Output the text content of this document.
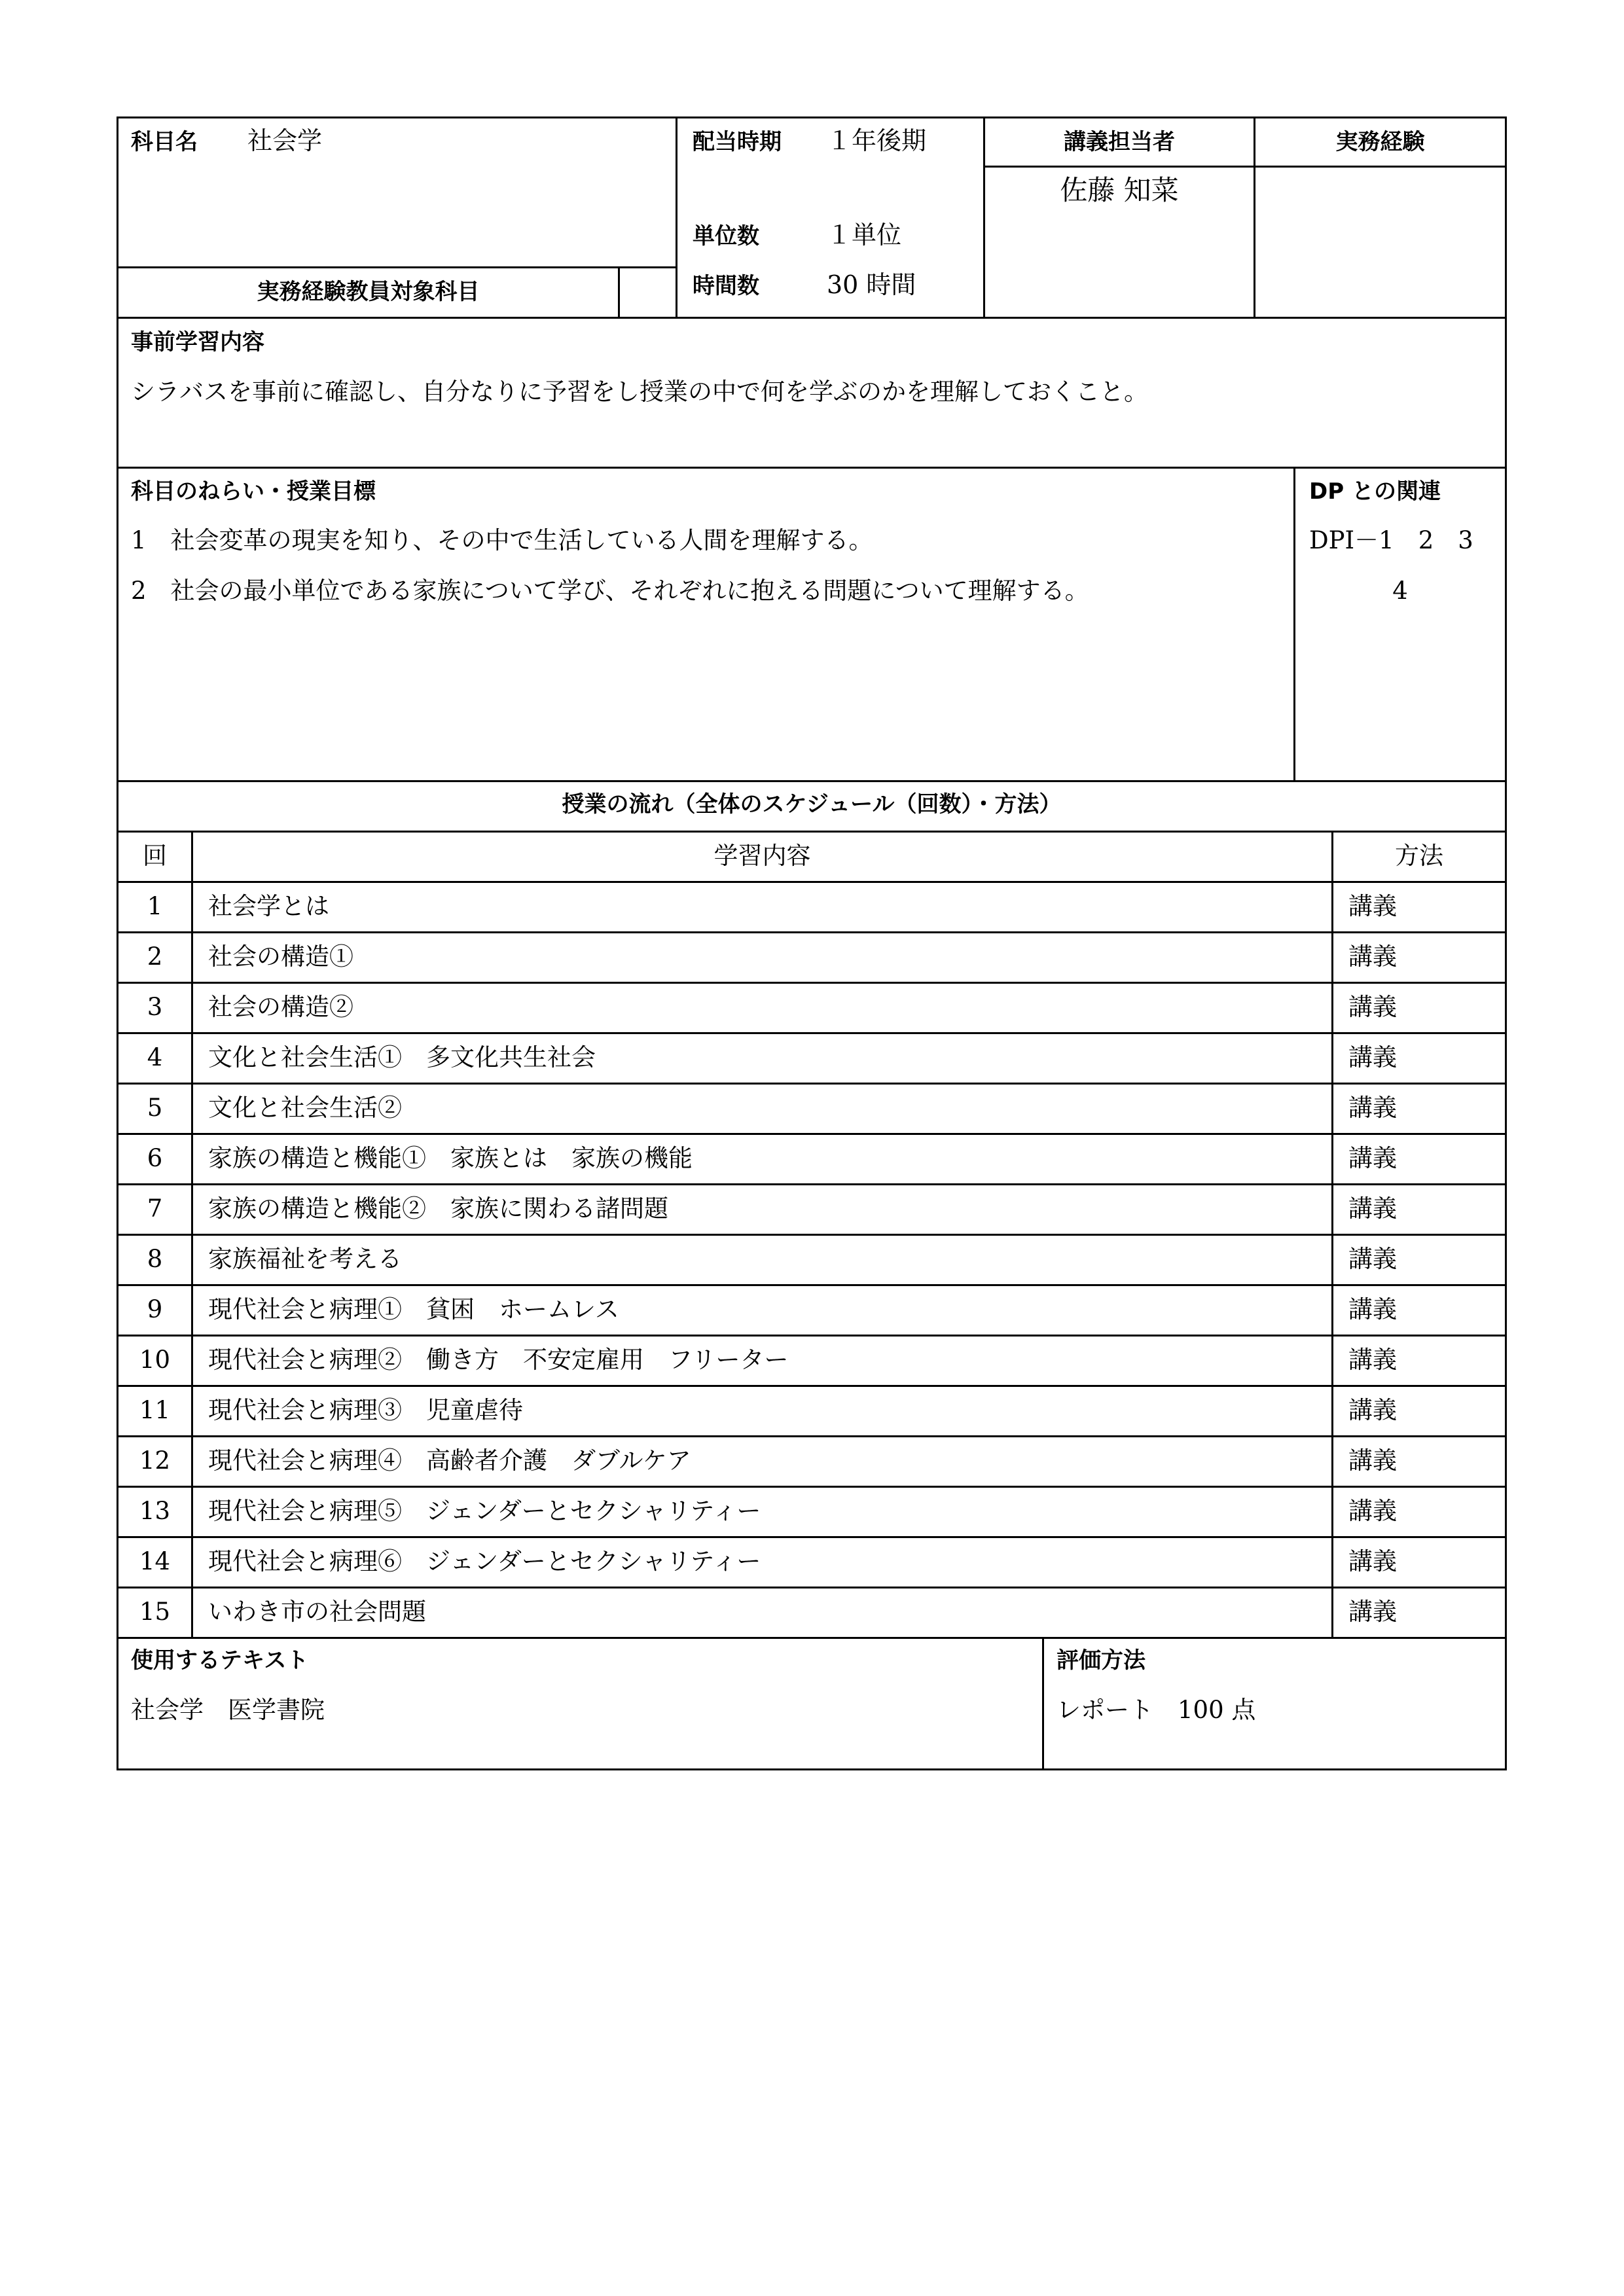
科目名 社会学	配当時期 １年後期
単位数	１単位
時間数	30 時間
講義担当者
佐藤 知菜
実務経験
実務経験教員対象科目
事前学習内容
シラバスを事前に確認し、自分なりに予習をし授業の中で何を学ぶのかを理解しておくこと。
科目のねらい・授業目標
1　社会変革の現実を知り、その中で生活している人間を理解する。
2　社会の最小単位である家族について学び、それぞれに抱える問題について理解する。
DP との関連
DPⅠ－1　2　3
4
授業の流れ（全体のスケジュール（回数）・方法）
回	学習内容	方法
1	社会学とは	講義
2	社会の構造①	講義
3	社会の構造②	講義
4	文化と社会生活①　多文化共生社会	講義
5	文化と社会生活②	講義
6	家族の構造と機能①　家族とは　家族の機能	講義
7	家族の構造と機能②　家族に関わる諸問題	講義
8	家族福祉を考える	講義
9	現代社会と病理①　貧困　ホームレス	講義
10	現代社会と病理②　働き方　不安定雇用　フリーター	講義
11	現代社会と病理③　児童虐待	講義
12	現代社会と病理④　高齢者介護　ダブルケア	講義
13	現代社会と病理⑤　ジェンダーとセクシャリティー	講義
14	現代社会と病理⑥　ジェンダーとセクシャリティー	講義
15	いわき市の社会問題	講義
使用するテキスト
社会学　医学書院
評価方法
レポート　100 点
